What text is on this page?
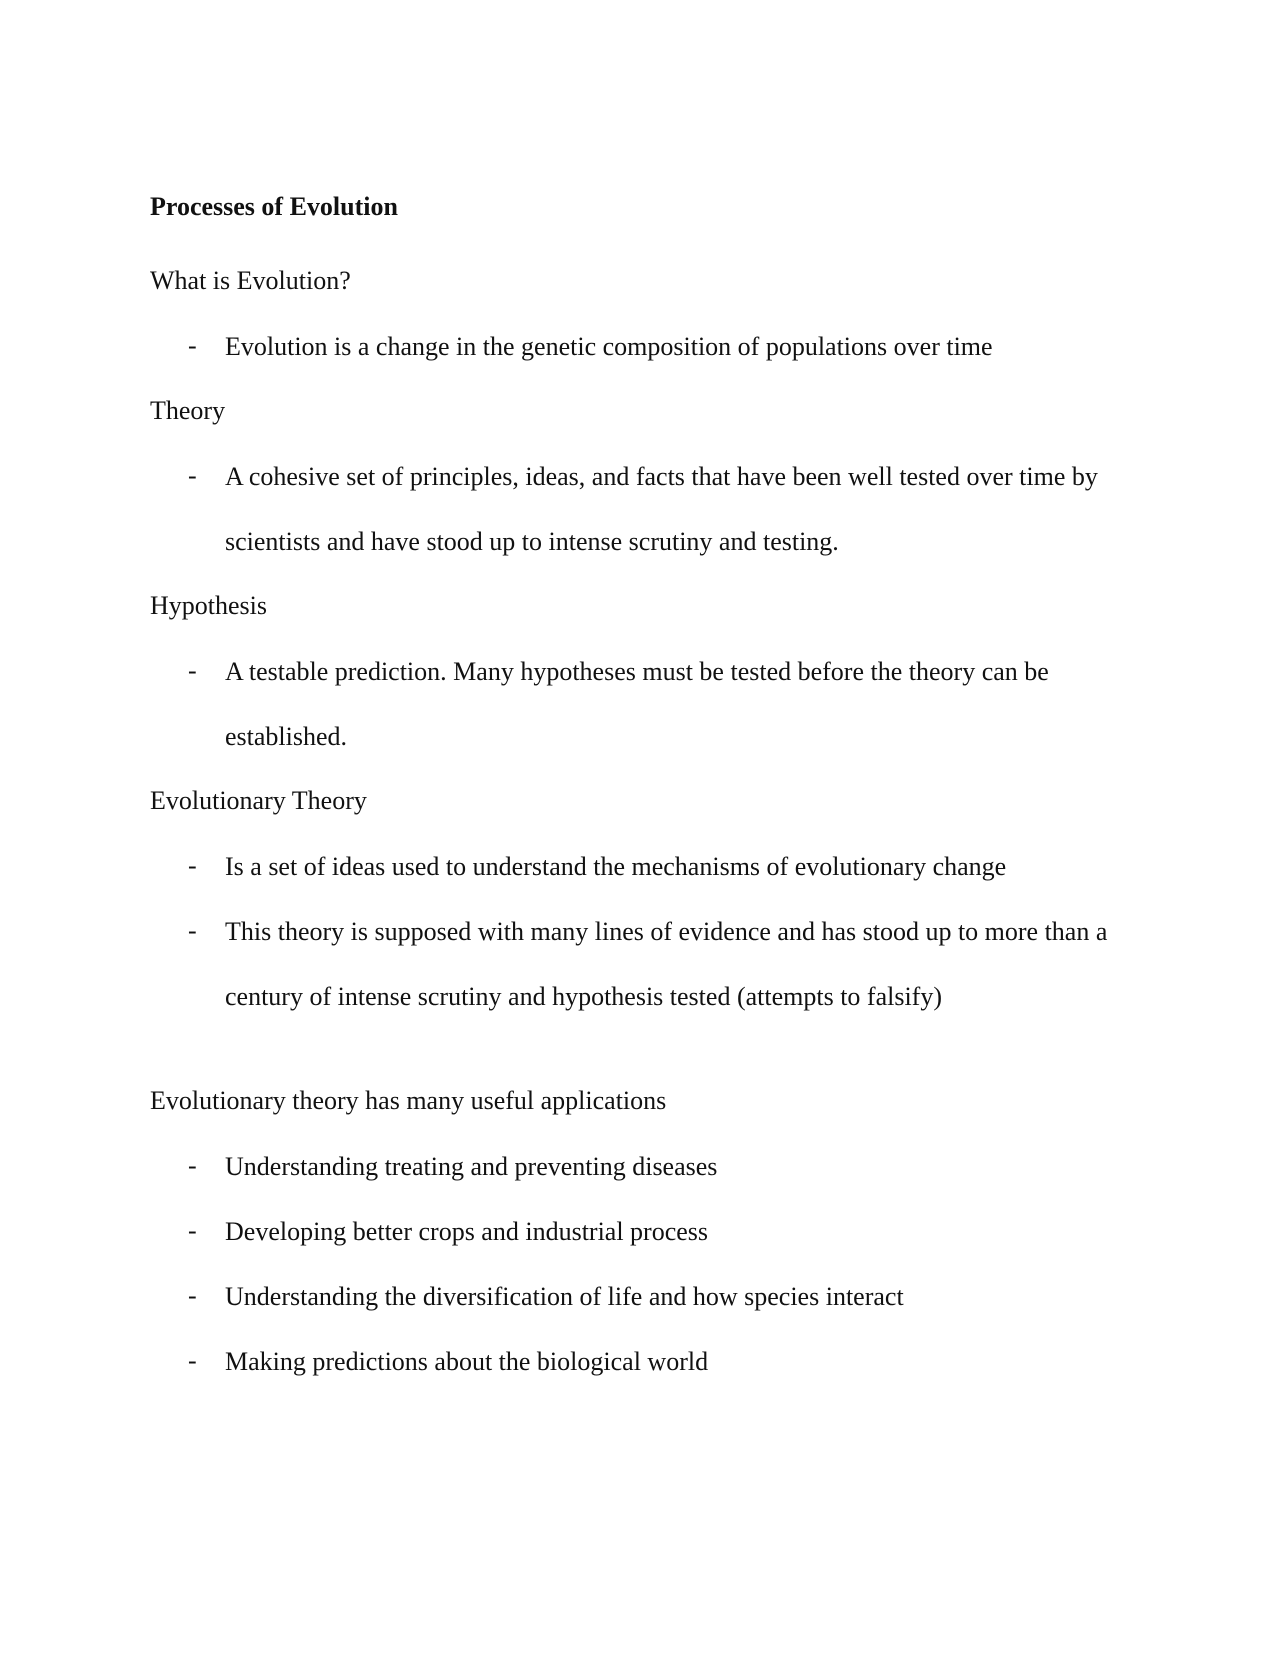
Processes of Evolution
What is Evolution?
-	Evolution is a change in the genetic composition of populations over time
Theory
-	A cohesive set of principles, ideas, and facts that have been well tested over time by scientists and have stood up to intense scrutiny and testing.
Hypothesis
-	A testable prediction. Many hypotheses must be tested before the theory can be established.
Evolutionary Theory
-	Is a set of ideas used to understand the mechanisms of evolutionary change
-	This theory is supposed with many lines of evidence and has stood up to more than a century of intense scrutiny and hypothesis tested (attempts to falsify)
Evolutionary theory has many useful applications
-	Understanding treating and preventing diseases
-	Developing better crops and industrial process
-	Understanding the diversification of life and how species interact
-	Making predictions about the biological world
